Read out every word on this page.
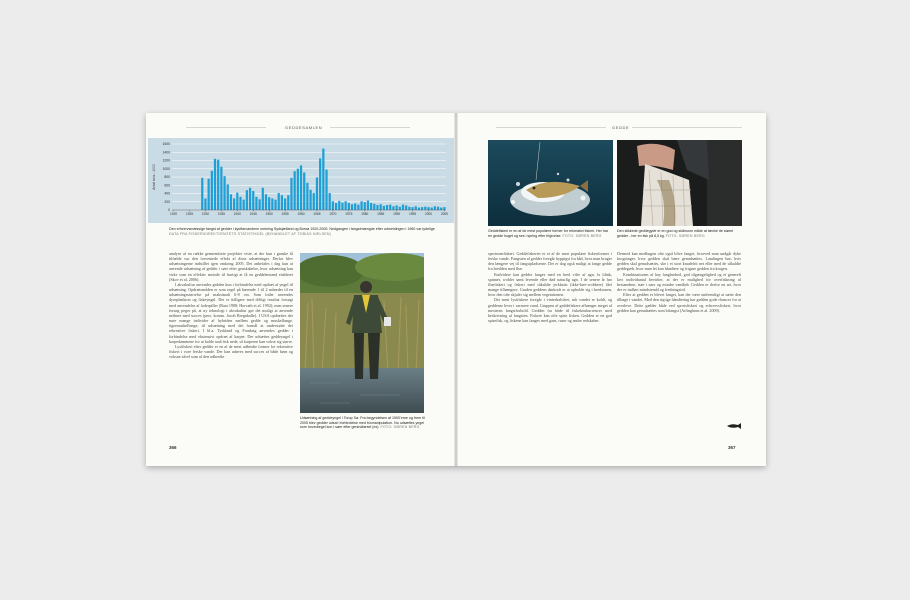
GEDDESAMLEN
0
200
400
600
800
1000
1200
1400
1600
Antal tons - 1000
1920	1925	1930	1935	1940	1945	1950	1955	1960	1965	1970	1975	1980	1985	1990	1995	2000	2005
Den erhvervsmæssige fangst af gedder i kystfarvandene omkring Sydsjælland og Bornø 1920-2005. Nedgangen i fangstmængde efter udmeldingen i 1960 var tydelige
DATA FRA FISKERIDIREKTORATETS STATISTIKKEL (BEHANDLET AF TOBIAS NIELSEN)

analyse af en række gennemførte projekter viste, at der kun i ganske få tilfælde var den forventede effekt af disse udsætninger. Derfor blev udsætningerne indstillet igen omkring 2005. Det anbefales i dag kun at anvende udsætning af gedder i søer efter genskabelse, hvor udsætning kan virke som en effektiv metode til hurtigt at få en geddebestand etableret (Skov et al. 2006).

I akvakultur anvendes gedden kun i forbindelse med opdræt af yngel til udsætning. Opdrætsmåden er som regel på bærende 1 til 2 måneder til en udsætningsstørrelse på maksimalt 6-8 cm. Som foder anvendes dyreplankton og fiskeyngel. Det er tidligere med diffigt resultat forsøgt med anvendelse af foderpiller (Raat 1988; Horvath et al. 1992); men senere forsøg peger på, at ny teknologi i akvakultur gør det muligt at anvende netbure med succes (pers. komm. Jacob Bregnballe). I USA opdrættes der nure mange individer af hybriden mellem gedde og muskellunge, tigermuskellunge, til udsætning med det formål at understøtte det rekreative fiskeri. I bl.a. Tyskland og Frankrig anvendes gedder i forbindelse med ekstensivt opdræt af karper. Der udsættes geddeyngel i karpedammene for at holde små fisk nede, så karperne kan vokse sig større.

Lystfiskeri efter gedder er en af de mest udbredte former for rekreative fiskeri i vore ferske vande. Der kan udøves med succes af både børn og voksne såvel som af den udbredte

Udsætning af geddeyngel i Torup Sø. Fra begyndelsen af 1900'erne og frem til 2005 blev gedder udsat i forbindelse med biomanipulation. Nu udsættes yngel som hovedregel kun i søer efter genindførsel (ex). FOTO: SØREN BERG
366
GEDDE
Geddefiskeri er en af de mest populære former for rekreativt fiskeri. Her har en gedde huget og ses i spring efter frigivelse. FOTO: SØREN BERG
Den slikkede geddegyde er en god og skånsom måde at tænke de større gedder - her en fisk på 8,5 kg. FOTO: SØREN BERG

specimenfiskeri. Geddefiskeriet er et af de mest populære fiskeriformer i ferske vande. Fangsten af gedder foregår hyppigst fra båd, hvor man bruger den længere vej til fangstpladserne. Det er dog også muligt at fange gedde fra bredden med flue.

Endvidere kan gedder fanges med en bred vifte af agn, fx blink, spinner, wobler samt levende eller død naturlig agn. I de senere år har fluefiskeri og fiskeri med såkaldte jerkbaits (ikke-lure-wobbere) fået mange tilhængere. Gruden geddens dørkraft er at opholde sig i bredzonen, hvor den ofte skjuler sig mellem vegetationen.

Det mest lystfiskere foregår i vinterhalvåret, når vandet er koldt, og gedderne lever i varmere vand. Gruppen af geddefiskere afhænger meget af mesterns fangstforhold. Gedden fra både til fiskekonkurrencer med beskrivning af fangsten. Fiskere kan ofte spise fisken. Gedden er en god spisefisk, og fiskene kan fanges med garn, ruser og andre redskaber.

Dermed kan modhagen ofte også blive fanget, hvorved man undgår dybe krogninger, hvor gedden skal bære genudsættes. Landingen bør, hvis gedden skal genudsættes, ske i et stort knudefrit net eller med de såkaldte geddegreb, hvor man let kan håndtere og frigøre gedden fra krogen.

Kombinationen af hay fangbarhed, god tilgængelighed og et generelt lavt individantal bevirker, at der er mulighed for overfiskning af bestandene, især i søer og mindre vandløb. Gedden er derfor en art, hvor der er indført mindstemål og fredningstid.

Efter at gedden er blevet fanget, kan der være nødvendigt at sætte den tilbage i vandet. Med den rigtige håndtering har gedden gode chancer for at overleve. Dette gælder både ved sportsfiskeri og erhvervsfiskeri, hvor gedden kan genudsættes som bifangst (Arlinghaus et al. 2009).

367
